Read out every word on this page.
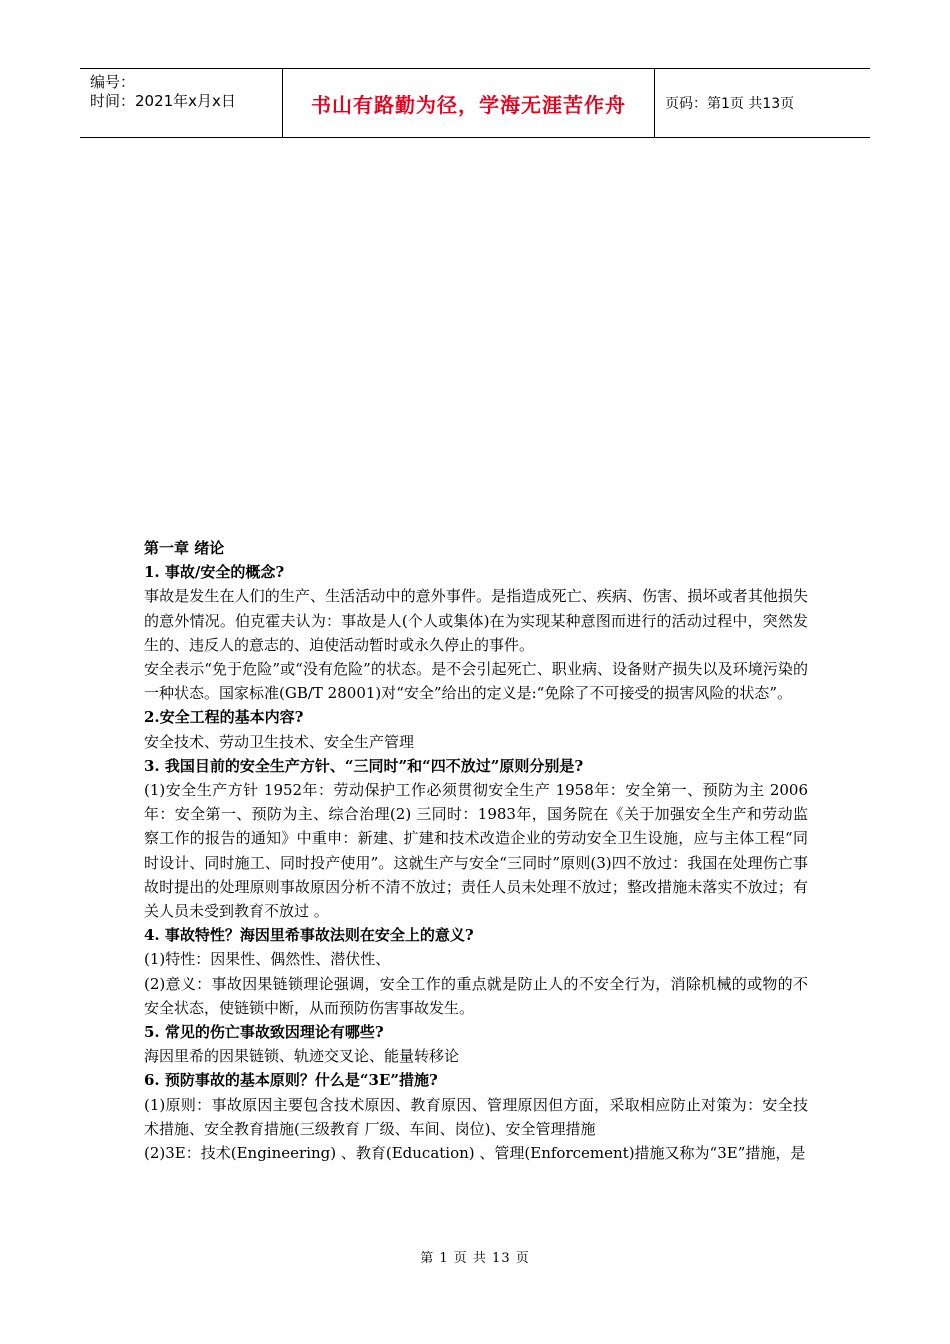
编号：
时间：2021年x月x日	书山有路勤为径，学海无涯苦作舟	页码：第1页 共13页

第一章 绪论

1. 事故/安全的概念?

事故是发生在人们的生产、生活活动中的意外事件。是指造成死亡、疾病、伤害、损坏或者其他损失的意外情况。伯克霍夫认为：事故是人(个人或集体)在为实现某种意图而进行的活动过程中，突然发生的、违反人的意志的、迫使活动暂时或永久停止的事件。

安全表示“免于危险”或“没有危险”的状态。是不会引起死亡、职业病、设备财产损失以及环境污染的一种状态。国家标准(GB/T 28001)对“安全”给出的定义是:“免除了不可接受的损害风险的状态”。

2.安全工程的基本内容?

安全技术、劳动卫生技术、安全生产管理

3. 我国目前的安全生产方针、“三同时”和“四不放过”原则分别是?

(1)安全生产方针 1952年：劳动保护工作必须贯彻安全生产 1958年：安全第一、预防为主 2006年：安全第一、预防为主、综合治理(2) 三同时：1983年，国务院在《关于加强安全生产和劳动监察工作的报告的通知》中重申：新建、扩建和技术改造企业的劳动安全卫生设施，应与主体工程“同时设计、同时施工、同时投产使用”。这就生产与安全“三同时”原则(3)四不放过：我国在处理伤亡事故时提出的处理原则事故原因分析不清不放过；责任人员未处理不放过；整改措施未落实不放过；有关人员未受到教育不放过 。

4. 事故特性？海因里希事故法则在安全上的意义?

(1)特性：因果性、偶然性、潜伏性、

(2)意义：事故因果链锁理论强调，安全工作的重点就是防止人的不安全行为，消除机械的或物的不安全状态，使链锁中断，从而预防伤害事故发生。

5. 常见的伤亡事故致因理论有哪些?

海因里希的因果链锁、轨迹交叉论、能量转移论

6. 预防事故的基本原则？什么是“3E”措施?

(1)原则：事故原因主要包含技术原因、教育原因、管理原因但方面，采取相应防止对策为：安全技术措施、安全教育措施(三级教育 厂级、车间、岗位)、安全管理措施

(2)3E：技术(Engineering) 、教育(Education) 、管理(Enforcement)措施又称为“3E”措施，是

第 1 页 共 13 页
